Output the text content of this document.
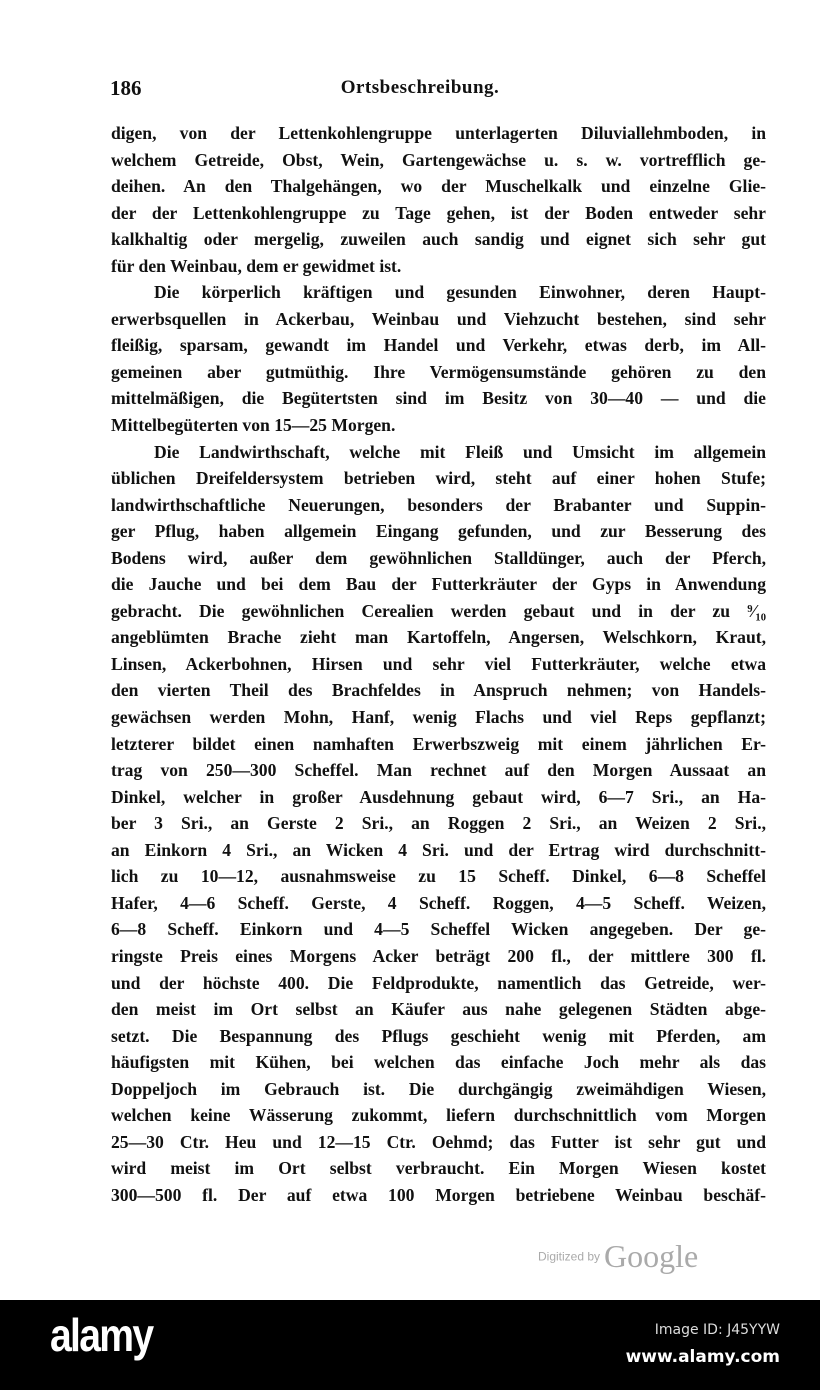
186	Ortsbeschreibung.
digen, von der Lettenkohlengruppe unterlagerten Diluviallehmboden, in
welchem Getreide, Obst, Wein, Gartengewächse u. s. w. vortrefflich ge-
deihen. An den Thalgehängen, wo der Muschelkalk und einzelne Glie-
der der Lettenkohlengruppe zu Tage gehen, ist der Boden entweder sehr
kalkhaltig oder mergelig, zuweilen auch sandig und eignet sich sehr gut
für den Weinbau, dem er gewidmet ist.
Die körperlich kräftigen und gesunden Einwohner, deren Haupt-
erwerbsquellen in Ackerbau, Weinbau und Viehzucht bestehen, sind sehr
fleißig, sparsam, gewandt im Handel und Verkehr, etwas derb, im All-
gemeinen aber gutmüthig. Ihre Vermögensumstände gehören zu den
mittelmäßigen, die Begütertsten sind im Besitz von 30—40 — und die
Mittelbegüterten von 15—25 Morgen.
Die Landwirthschaft, welche mit Fleiß und Umsicht im allgemein
üblichen Dreifeldersystem betrieben wird, steht auf einer hohen Stufe;
landwirthschaftliche Neuerungen, besonders der Brabanter und Suppin-
ger Pflug, haben allgemein Eingang gefunden, und zur Besserung des
Bodens wird, außer dem gewöhnlichen Stalldünger, auch der Pferch,
die Jauche und bei dem Bau der Futterkräuter der Gyps in Anwendung
gebracht. Die gewöhnlichen Cerealien werden gebaut und in der zu ⁹⁄₁₀
angeblümten Brache zieht man Kartoffeln, Angersen, Welschkorn, Kraut,
Linsen, Ackerbohnen, Hirsen und sehr viel Futterkräuter, welche etwa
den vierten Theil des Brachfeldes in Anspruch nehmen; von Handels-
gewächsen werden Mohn, Hanf, wenig Flachs und viel Reps gepflanzt;
letzterer bildet einen namhaften Erwerbszweig mit einem jährlichen Er-
trag von 250—300 Scheffel. Man rechnet auf den Morgen Aussaat an
Dinkel, welcher in großer Ausdehnung gebaut wird, 6—7 Sri., an Ha-
ber 3 Sri., an Gerste 2 Sri., an Roggen 2 Sri., an Weizen 2 Sri.,
an Einkorn 4 Sri., an Wicken 4 Sri. und der Ertrag wird durchschnitt-
lich zu 10—12, ausnahmsweise zu 15 Scheff. Dinkel, 6—8 Scheffel
Hafer, 4—6 Scheff. Gerste, 4 Scheff. Roggen, 4—5 Scheff. Weizen,
6—8 Scheff. Einkorn und 4—5 Scheffel Wicken angegeben. Der ge-
ringste Preis eines Morgens Acker beträgt 200 fl., der mittlere 300 fl.
und der höchste 400. Die Feldprodukte, namentlich das Getreide, wer-
den meist im Ort selbst an Käufer aus nahe gelegenen Städten abge-
setzt. Die Bespannung des Pflugs geschieht wenig mit Pferden, am
häufigsten mit Kühen, bei welchen das einfache Joch mehr als das
Doppeljoch im Gebrauch ist. Die durchgängig zweimähdigen Wiesen,
welchen keine Wässerung zukommt, liefern durchschnittlich vom Morgen
25—30 Ctr. Heu und 12—15 Ctr. Oehmd; das Futter ist sehr gut und
wird meist im Ort selbst verbraucht. Ein Morgen Wiesen kostet
300—500 fl. Der auf etwa 100 Morgen betriebene Weinbau beschäf-
Digitized by Google
alamy	Image ID: J45YYW
www.alamy.com
